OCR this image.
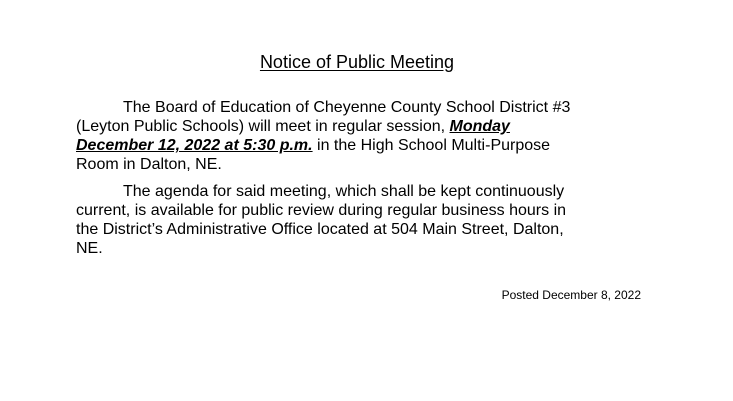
Notice of Public Meeting
The Board of Education of Cheyenne County School District #3
(Leyton Public Schools) will meet in regular session, Monday
December 12, 2022 at 5:30 p.m. in the High School Multi-Purpose
Room in Dalton, NE.
The agenda for said meeting, which shall be kept continuously
current, is available for public review during regular business hours in
the District’s Administrative Office located at 504 Main Street, Dalton,
NE.
Posted December 8, 2022
